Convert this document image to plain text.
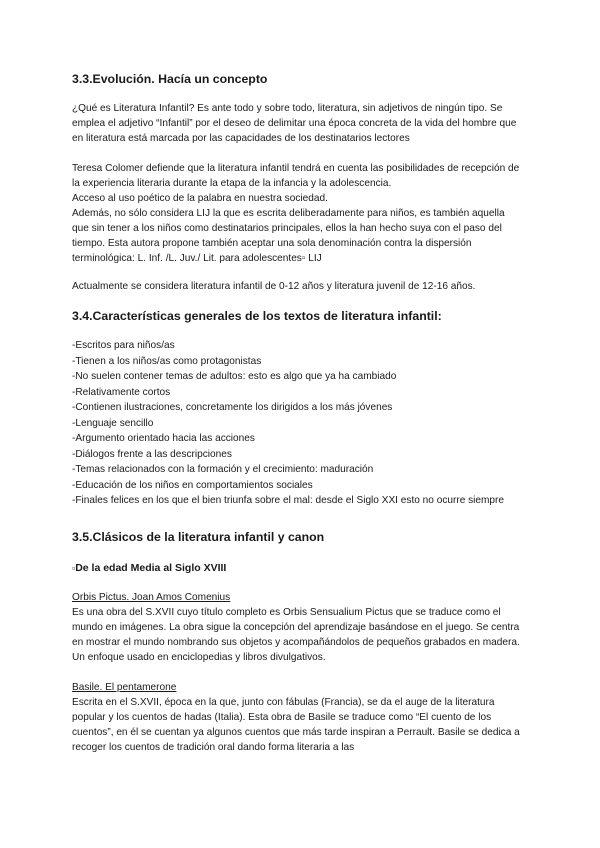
3.3.Evolución. Hacía un concepto

¿Qué es Literatura Infantil? Es ante todo y sobre todo, literatura, sin adjetivos de ningún tipo. Se emplea el adjetivo “Infantil” por el deseo de delimitar una época concreta de la vida del hombre que en literatura está marcada por las capacidades de los destinatarios lectores

Teresa Colomer defiende que la literatura infantil tendrá en cuenta las posibilidades de recepción de la experiencia literaria durante la etapa de la infancia y la adolescencia.
Acceso al uso poético de la palabra en nuestra sociedad.
Además, no sólo considera LIJ la que es escrita deliberadamente para niños, es también aquella que sin tener a los niños como destinatarios principales, ellos la han hecho suya con el paso del tiempo. Esta autora propone también aceptar una sola denominación contra la dispersión terminológica: L. Inf. /L. Juv./ Lit. para adolescentes▫ LIJ

Actualmente se considera literatura infantil de 0-12 años y literatura juvenil de 12-16 años.

3.4.Características generales de los textos de literatura infantil:
-Escritos para niños/as
-Tienen a los niños/as como protagonistas
-No suelen contener temas de adultos: esto es algo que ya ha cambiado
-Relativamente cortos
-Contienen ilustraciones, concretamente los dirigidos a los más jóvenes
-Lenguaje sencillo
-Argumento orientado hacia las acciones
-Diálogos frente a las descripciones
-Temas relacionados con la formación y el crecimiento: maduración
-Educación de los niños en comportamientos sociales
-Finales felices en los que el bien triunfa sobre el mal: desde el Siglo XXI esto no ocurre siempre
3.5.Clásicos de la literatura infantil y canon
▫De la edad Media al Siglo XVIII

Orbis Pictus. Joan Amos Comenius
Es una obra del S.XVII cuyo título completo es Orbis Sensualium Pictus que se traduce como el mundo en imágenes. La obra sigue la concepción del aprendizaje basándose en el juego. Se centra en mostrar el mundo nombrando sus objetos y acompañándolos de pequeños grabados en madera. Un enfoque usado en enciclopedias y libros divulgativos.

Basile. El pentamerone
Escrita en el S.XVII, época en la que, junto con fábulas (Francia), se da el auge de la literatura popular y los cuentos de hadas (Italia). Esta obra de Basile se traduce como “El cuento de los cuentos”, en él se cuentan ya algunos cuentos que más tarde inspiran a Perrault. Basile se dedica a recoger los cuentos de tradición oral dando forma literaria a las
